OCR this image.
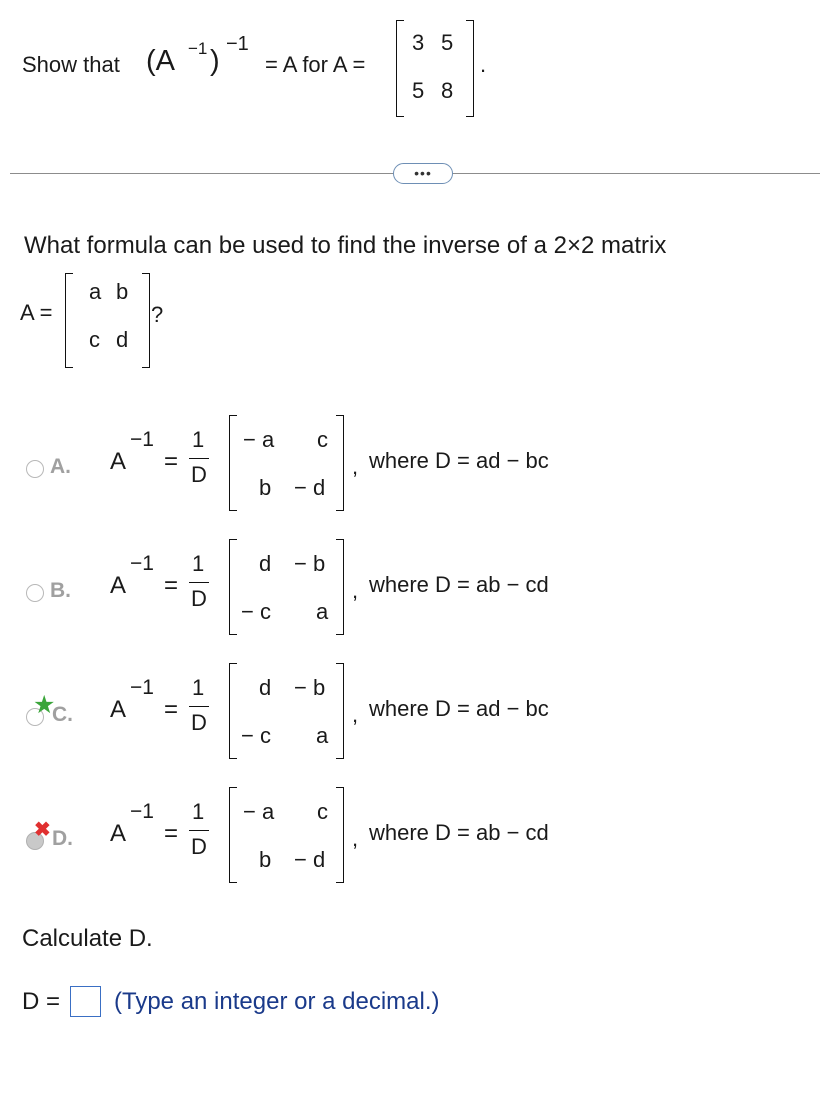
Show that (A −1 )
−1
= A for A =
3 5
5 8
.
•••
What formula can be used to find the inverse of a 2×2 matrix
A =
a b
c d
?
A. A
−1
=
1
D
− a c
b − d
, where D = ad − bc
B. A
−1
=
1
D
d − b
− c a
, where D = ab − cd
★
C. A
−1
=
1
D
d − b
− c a
, where D = ad − bc
✖ D. A
−1
=
1
D
− a c
b − d
, where D = ab − cd
Calculate D.
D = (Type an integer or a decimal.)
